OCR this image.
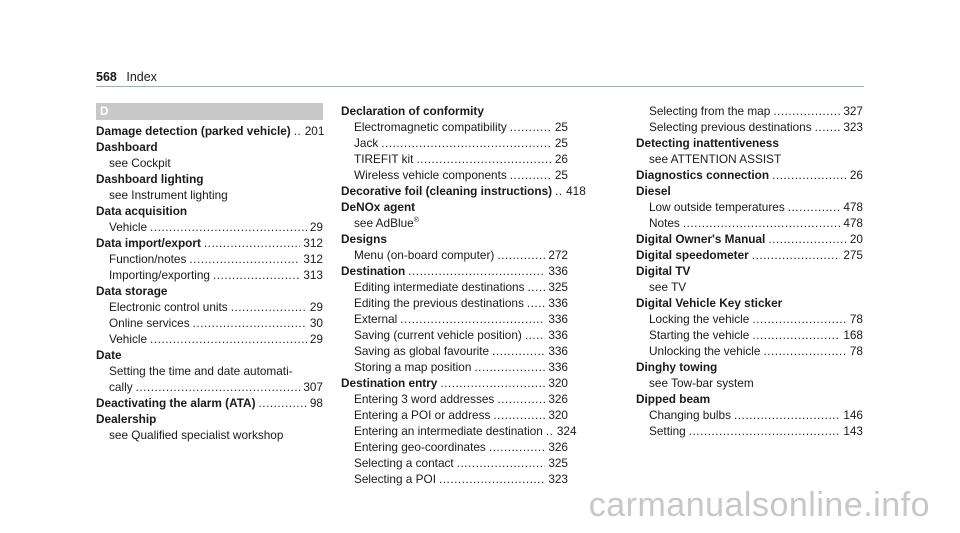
568 Index
D
Damage detection (parked vehicle) ..... 201
Dashboard
see Cockpit
Dashboard lighting
see Instrument lighting
Data acquisition
Vehicle .....	29
Data import/export .....	312
Function/notes .....	312
Importing/exporting .....	313
Data storage
Electronic control units .....	29
Online services .....	30
Vehicle .....	29
Date
Setting the time and date automati-
cally .....	307
Deactivating the alarm (ATA) .....	98
Dealership
see Qualified specialist workshop
Declaration of conformity
Electromagnetic compatibility .....	25
Jack .....	25
TIREFIT kit .....	26
Wireless vehicle components .....	25
Decorative foil (cleaning instructions) ..... 418
DeNOx agent
see AdBlue®
Designs
Menu (on-board computer) .....	272
Destination .....	336
Editing intermediate destinations ..... 325
Editing the previous destinations ..... 336
External .....	336
Saving (current vehicle position) ..... 336
Saving as global favourite .....	336
Storing a map position .....	336
Destination entry .....	320
Entering 3 word addresses .....	326
Entering a POI or address .....	320
Entering an intermediate destination ..... 324
Entering geo-coordinates .....	326
Selecting a contact .....	325
Selecting a POI .....	323
Selecting from the map .....	327
Selecting previous destinations .....	323
Detecting inattentiveness
see ATTENTION ASSIST
Diagnostics connection .....	26
Diesel
Low outside temperatures .....	478
Notes .....	478
Digital Owner's Manual .....	20
Digital speedometer .....	275
Digital TV
see TV
Digital Vehicle Key sticker
Locking the vehicle .....	78
Starting the vehicle .....	168
Unlocking the vehicle .....	78
Dinghy towing
see Tow-bar system
Dipped beam
Changing bulbs .....	146
Setting .....	143
carmanualsonline.info
